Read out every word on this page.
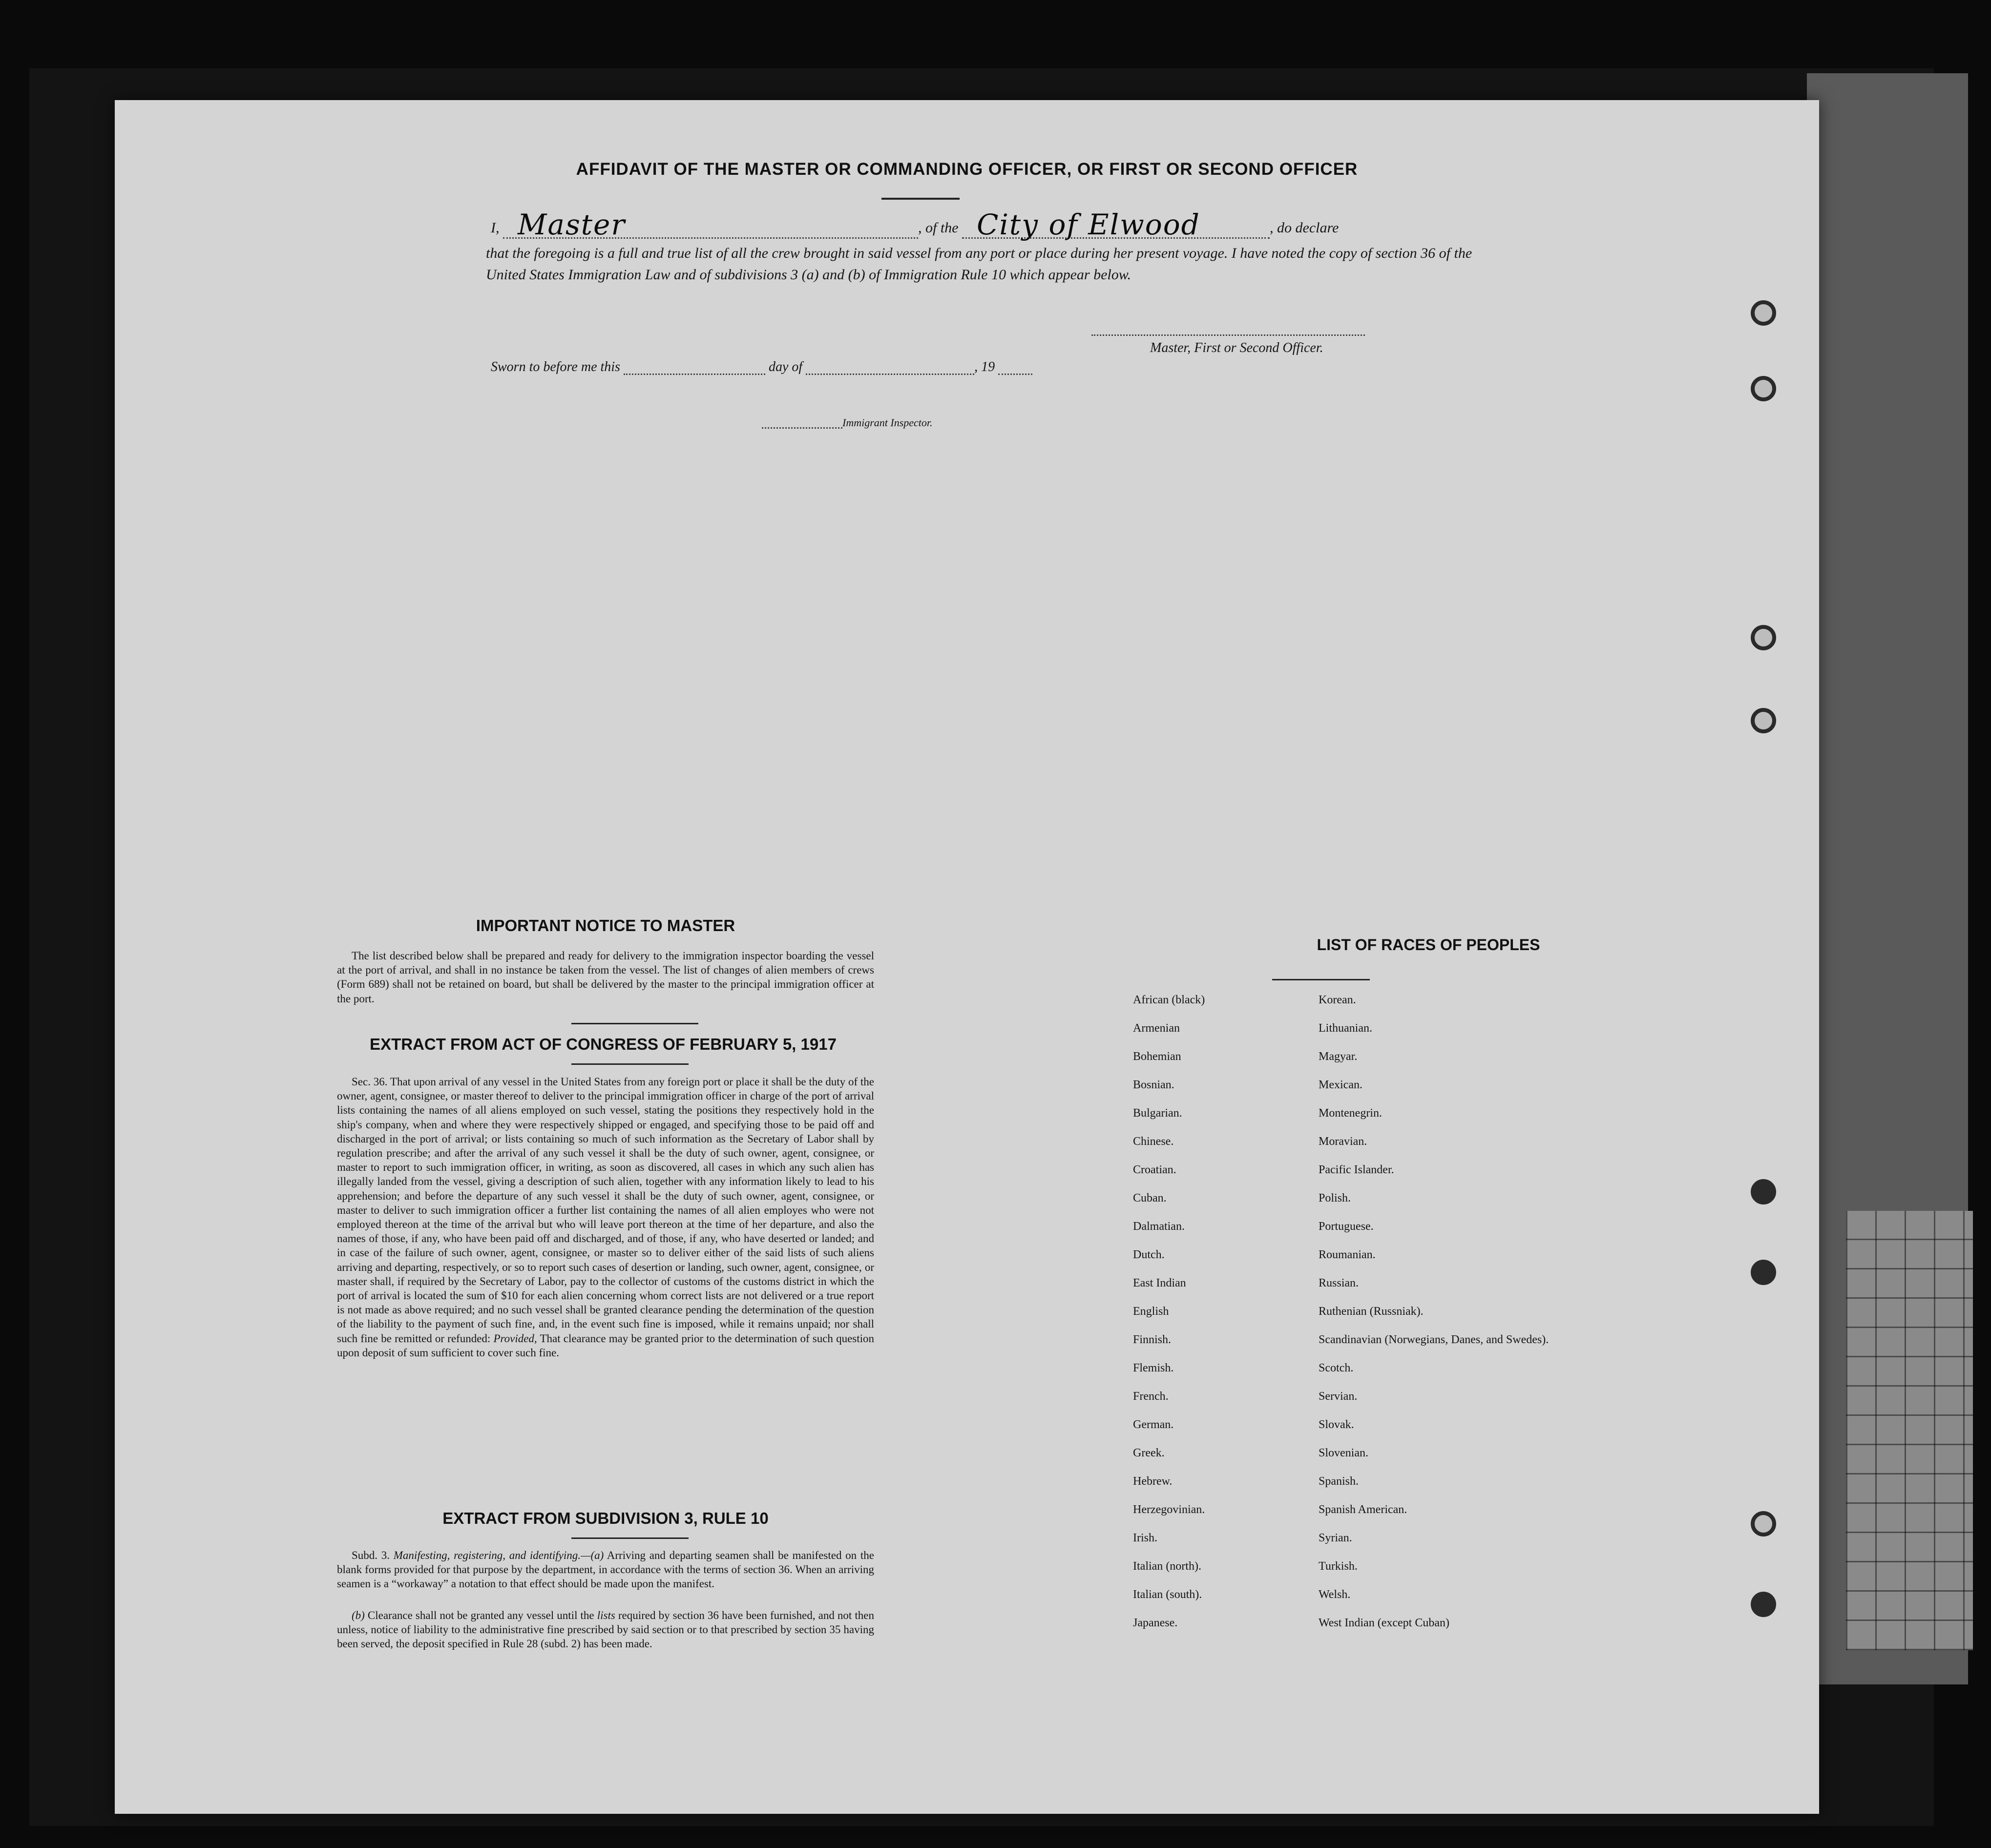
AFFIDAVIT OF THE MASTER OR COMMANDING OFFICER, OR FIRST OR SECOND OFFICER
I, Master	, of the City of Elwood	, do declare

that the foregoing is a full and true list of all the crew brought in said vessel from any port or place during her present voyage. I have noted the copy of section 36 of the United States Immigration Law and of subdivisions 3 (a) and (b) of Immigration Rule 10 which appear below.

Master, First or Second Officer.
Sworn to before me this	day of	, 19
Immigrant Inspector.
IMPORTANT NOTICE TO MASTER

The list described below shall be prepared and ready for delivery to the immigration inspector boarding the vessel at the port of arrival, and shall in no instance be taken from the vessel. The list of changes of alien members of crews (Form 689) shall not be retained on board, but shall be delivered by the master to the principal immigration officer at the port.

EXTRACT FROM ACT OF CONGRESS OF FEBRUARY 5, 1917

Sec. 36. That upon arrival of any vessel in the United States from any foreign port or place it shall be the duty of the owner, agent, consignee, or master thereof to deliver to the principal immigration officer in charge of the port of arrival lists containing the names of all aliens employed on such vessel, stating the positions they respectively hold in the ship's company, when and where they were respectively shipped or engaged, and specifying those to be paid off and discharged in the port of arrival; or lists containing so much of such information as the Secretary of Labor shall by regulation prescribe; and after the arrival of any such vessel it shall be the duty of such owner, agent, consignee, or master to report to such immigration officer, in writing, as soon as discovered, all cases in which any such alien has illegally landed from the vessel, giving a description of such alien, together with any information likely to lead to his apprehension; and before the departure of any such vessel it shall be the duty of such owner, agent, consignee, or master to deliver to such immigration officer a further list containing the names of all alien employes who were not employed thereon at the time of the arrival but who will leave port thereon at the time of her departure, and also the names of those, if any, who have been paid off and discharged, and of those, if any, who have deserted or landed; and in case of the failure of such owner, agent, consignee, or master so to deliver either of the said lists of such aliens arriving and departing, respectively, or so to report such cases of desertion or landing, such owner, agent, consignee, or master shall, if required by the Secretary of Labor, pay to the collector of customs of the customs district in which the port of arrival is located the sum of $10 for each alien concerning whom correct lists are not delivered or a true report is not made as above required; and no such vessel shall be granted clearance pending the determination of the question of the liability to the payment of such fine, and, in the event such fine is imposed, while it remains unpaid; nor shall such fine be remitted or refunded: Provided, That clearance may be granted prior to the determination of such question upon deposit of sum sufficient to cover such fine.

EXTRACT FROM SUBDIVISION 3, RULE 10

Subd. 3. Manifesting, registering, and identifying.—(a) Arriving and departing seamen shall be manifested on the blank forms provided for that purpose by the department, in accordance with the terms of section 36. When an arriving seamen is a “workaway” a notation to that effect should be made upon the manifest.

(b) Clearance shall not be granted any vessel until the lists required by section 36 have been furnished, and not then unless, notice of liability to the administrative fine prescribed by said section or to that prescribed by section 35 having been served, the deposit specified in Rule 28 (subd. 2) has been made.

LIST OF RACES OF PEOPLES
African (black)	Korean.
Armenian	Lithuanian.
Bohemian	Magyar.
Bosnian.	Mexican.
Bulgarian.	Montenegrin.
Chinese.	Moravian.
Croatian.	Pacific Islander.
Cuban.	Polish.
Dalmatian.	Portuguese.
Dutch.	Roumanian.
East Indian	Russian.
English	Ruthenian (Russniak).
Finnish.	Scandinavian (Norwegians, Danes, and Swedes).
Flemish.	Scotch.
French.	Servian.
German.	Slovak.
Greek.	Slovenian.
Hebrew.	Spanish.
Herzegovinian.	Spanish American.
Irish.	Syrian.
Italian (north).	Turkish.
Italian (south).	Welsh.
Japanese.	West Indian (except Cuban)
